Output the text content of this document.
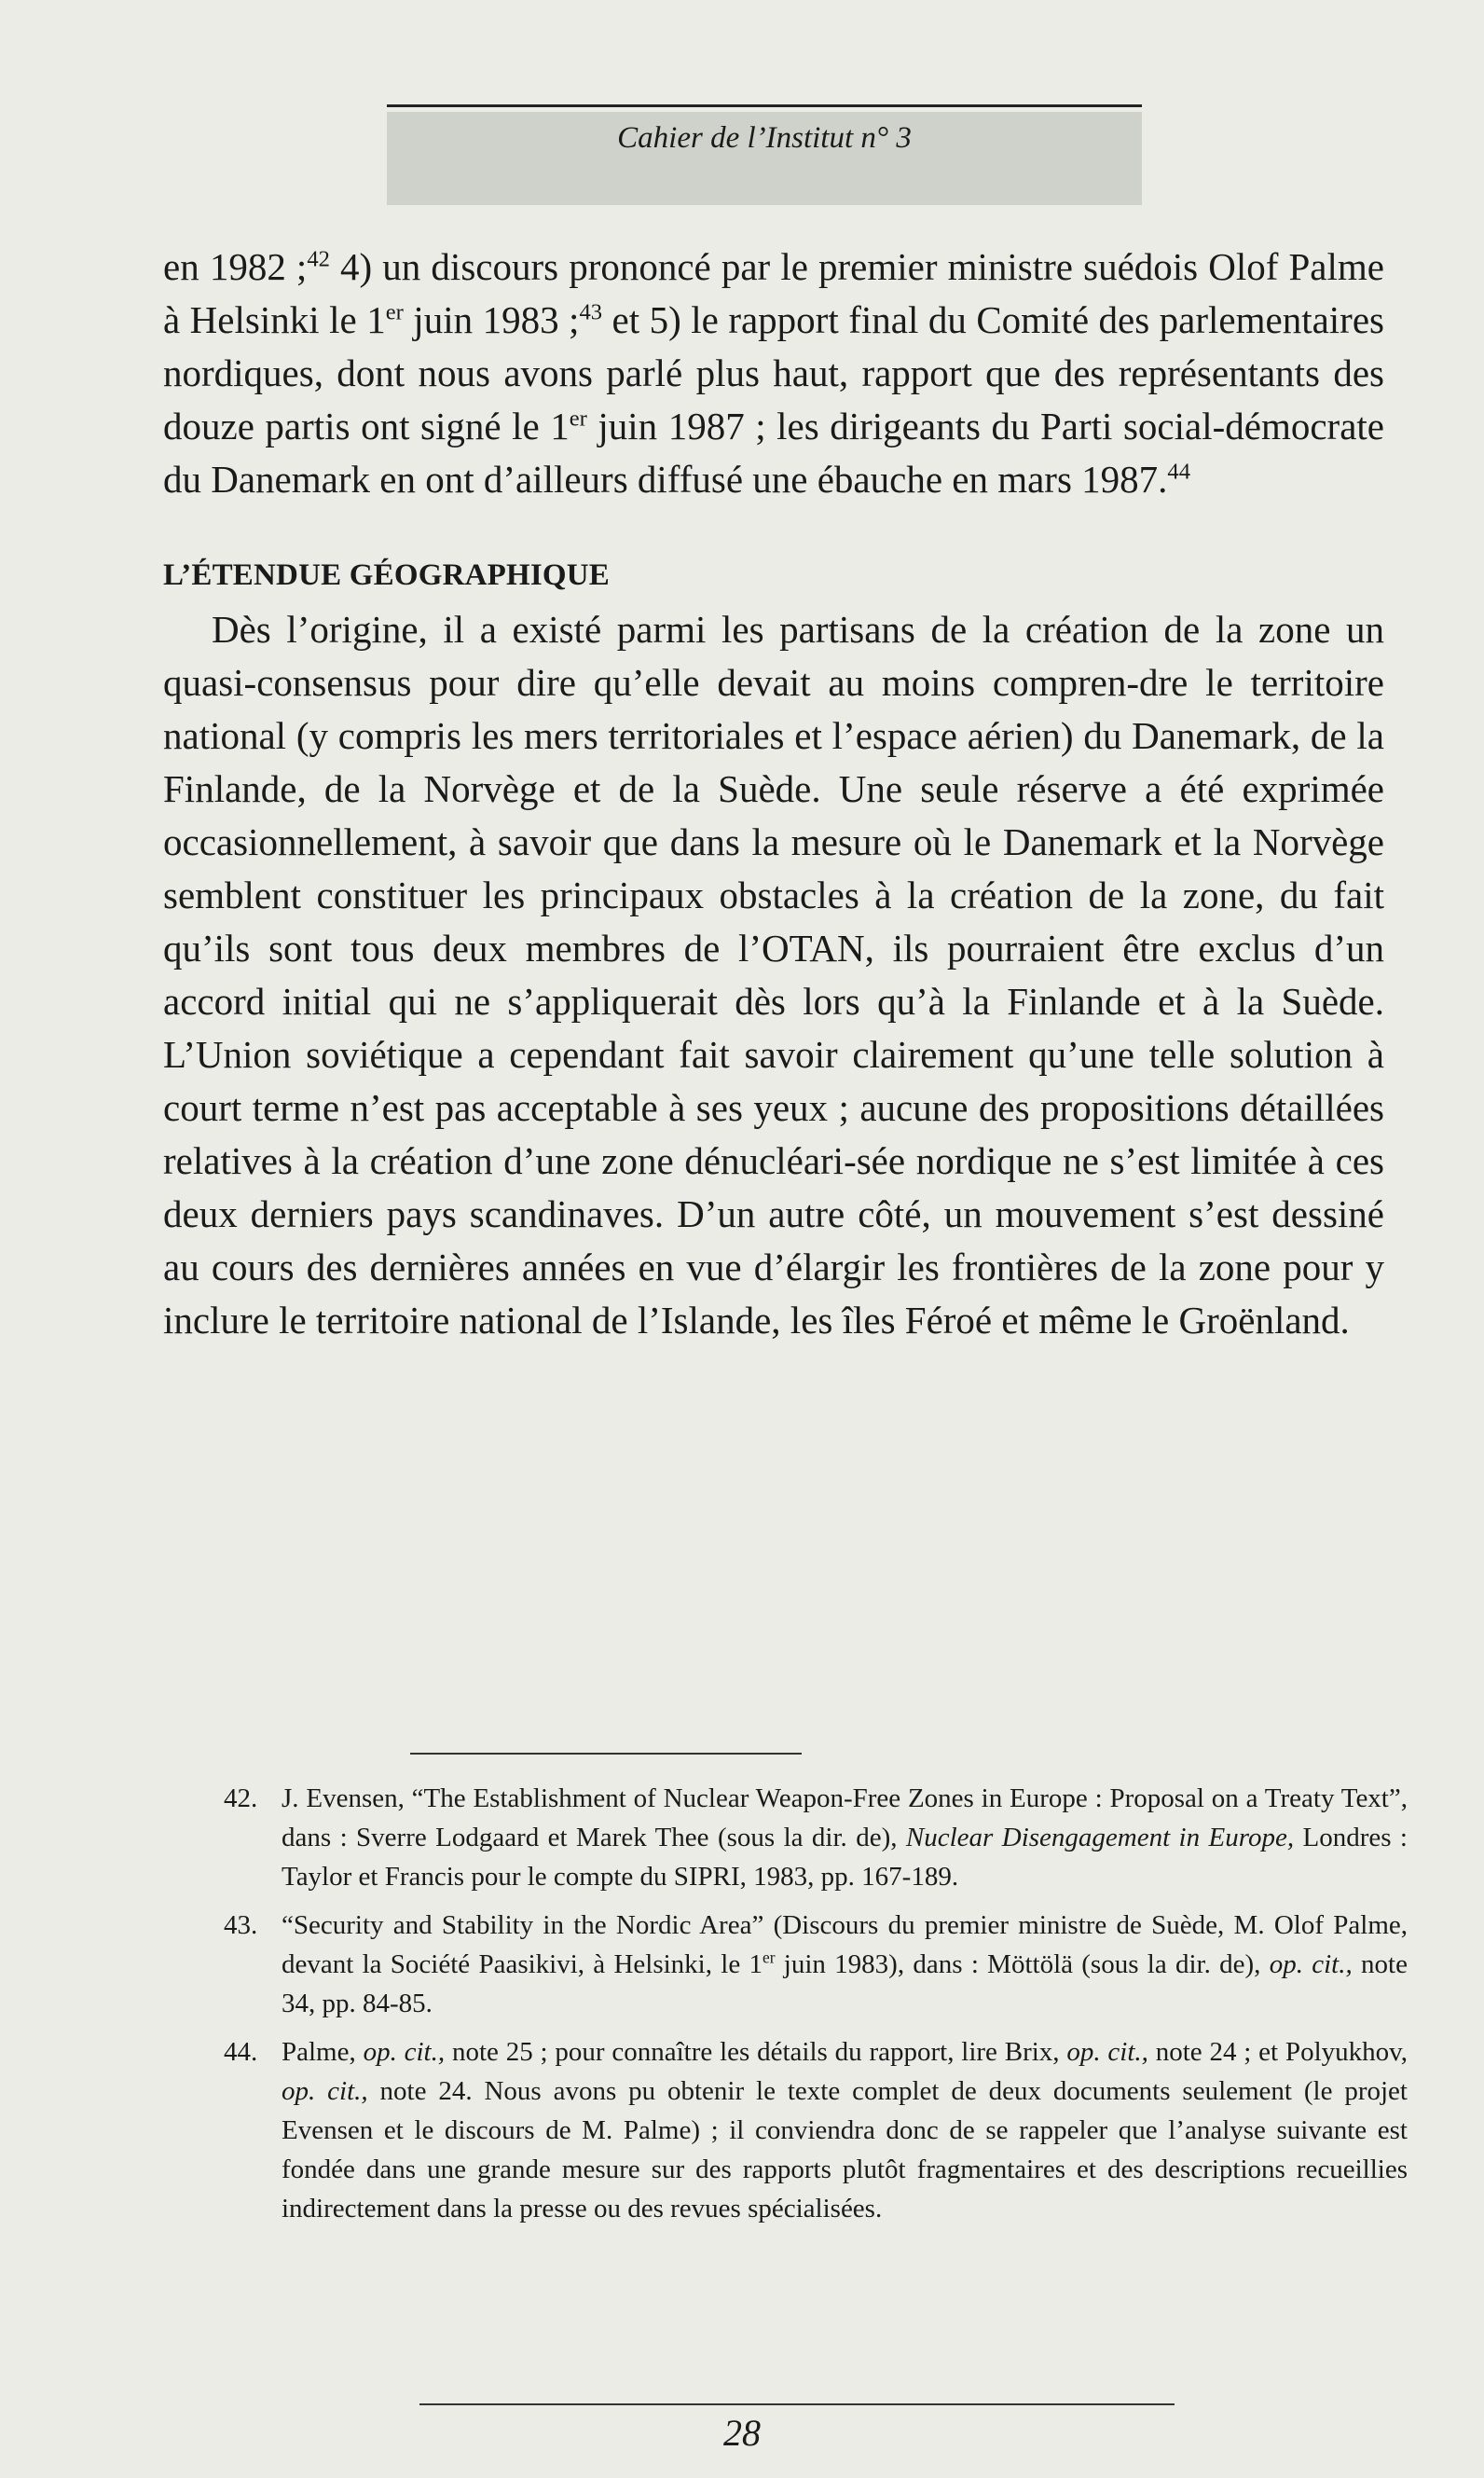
Cahier de l’Institut n° 3

en 1982 ;$^{42}$ 4) un discours prononcé par le premier ministre suédois Olof Palme à Helsinki le 1er juin 1983 ;$^{43}$ et 5) le rapport final du Comité des parlementaires nordiques, dont nous avons parlé plus haut, rapport que des représentants des douze partis ont signé le 1er juin 1987 ; les dirigeants du Parti social-démocrate du Danemark en ont d’ailleurs diffusé une ébauche en mars 1987.44

L’ÉTENDUE GÉOGRAPHIQUE

Dès l’origine, il a existé parmi les partisans de la création de la zone un quasi-consensus pour dire qu’elle devait au moins compren-dre le territoire national (y compris les mers territoriales et l’espace aérien) du Danemark, de la Finlande, de la Norvège et de la Suède. Une seule réserve a été exprimée occasionnellement, à savoir que dans la mesure où le Danemark et la Norvège semblent constituer les principaux obstacles à la création de la zone, du fait qu’ils sont tous deux membres de l’OTAN, ils pourraient être exclus d’un accord initial qui ne s’appliquerait dès lors qu’à la Finlande et à la Suède. L’Union soviétique a cependant fait savoir clairement qu’une telle solution à court terme n’est pas acceptable à ses yeux ; aucune des propositions détaillées relatives à la création d’une zone dénucléari-sée nordique ne s’est limitée à ces deux derniers pays scandinaves. D’un autre côté, un mouvement s’est dessiné au cours des dernières années en vue d’élargir les frontières de la zone pour y inclure le territoire national de l’Islande, les îles Féroé et même le Groënland.

42. J. Evensen, “The Establishment of Nuclear Weapon-Free Zones in Europe : Proposal on a Treaty Text”, dans : Sverre Lodgaard et Marek Thee (sous la dir. de), Nuclear Disengagement in Europe, Londres : Taylor et Francis pour le compte du SIPRI, 1983, pp. 167-189.
43. “Security and Stability in the Nordic Area” (Discours du premier ministre de Suède, M. Olof Palme, devant la Société Paasikivi, à Helsinki, le 1er juin 1983), dans : Möttölä (sous la dir. de), op. cit., note 34, pp. 84-85.
44. Palme, op. cit., note 25 ; pour connaître les détails du rapport, lire Brix, op. cit., note 24 ; et Polyukhov, op. cit., note 24. Nous avons pu obtenir le texte complet de deux documents seulement (le projet Evensen et le discours de M. Palme) ; il conviendra donc de se rappeler que l’analyse suivante est fondée dans une grande mesure sur des rapports plutôt fragmentaires et des descriptions recueillies indirectement dans la presse ou des revues spécialisées.
28
